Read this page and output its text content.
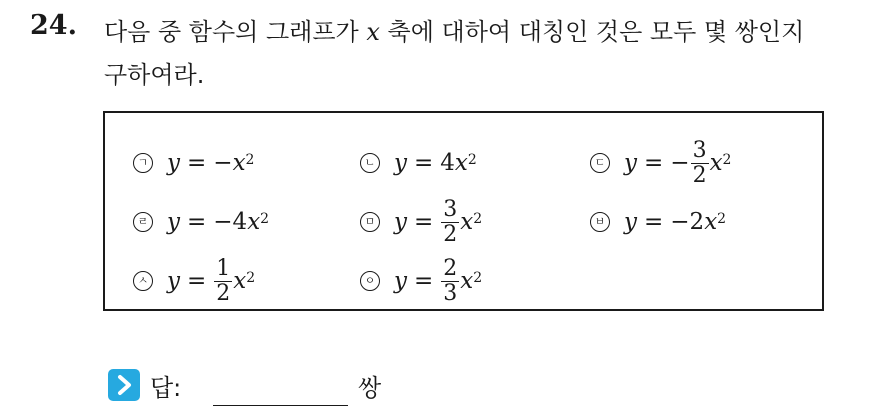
24. 다음 중 함수의 그래프가 x 축에 대하여 대칭인 것은 모두 몇 쌍인지
구하여라.
ㄱ y = − $x^2$	ㄴ y = 4 $x^2$	ㄷ y = − $\frac{3}{2} x^2$
ㄹ y = −4 $x^2$	ㅁ $y = \frac{3}{2} x^2$	ㅂ y = −2 $x^2$
ㅅ $y = \frac{1}{2} x^2$	ㅇ $y = \frac{2}{3} x^2$
답:	쌍
